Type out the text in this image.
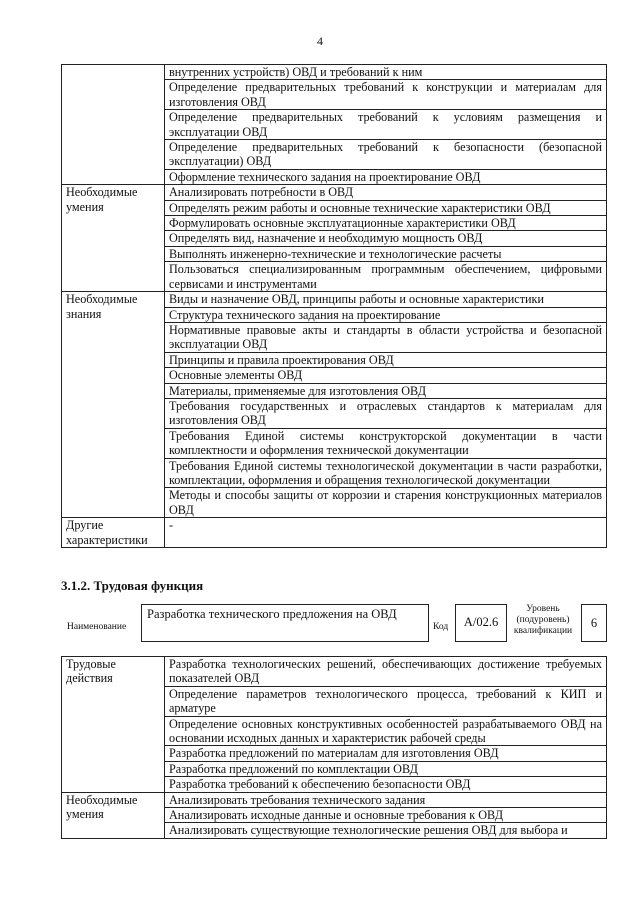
4
	внутренних устройств) ОВД и требований к ним
	Определение предварительных требований к конструкции и материалам для изготовления ОВД
	Определение предварительных требований к условиям размещения и эксплуатации ОВД
	Определение предварительных требований к безопасности (безопасной эксплуатации) ОВД
	Оформление технического задания на проектирование ОВД
Необходимые умения	Анализировать потребности в ОВД
	Определять режим работы и основные технические характеристики ОВД
	Формулировать основные эксплуатационные характеристики ОВД
	Определять вид, назначение и необходимую мощность ОВД
	Выполнять инженерно-технические и технологические расчеты
	Пользоваться специализированным программным обеспечением, цифровыми сервисами и инструментами
Необходимые знания	Виды и назначение ОВД, принципы работы и основные характеристики
	Структура технического задания на проектирование
	Нормативные правовые акты и стандарты в области устройства и безопасной эксплуатации ОВД
	Принципы и правила проектирования ОВД
	Основные элементы ОВД
	Материалы, применяемые для изготовления ОВД
	Требования государственных и отраслевых стандартов к материалам для изготовления ОВД
	Требования Единой системы конструкторской документации в части комплектности и оформления технической документации
	Требования Единой системы технологической документации в части разработки, комплектации, оформления и обращения технологической документации
	Методы и способы защиты от коррозии и старения конструкционных материалов ОВД
Другие характеристики	-
3.1.2. Трудовая функция
Наименование
Разработка технического предложения на ОВД
Код	A/02.6
Уровень (подуровень) квалификации
6
Трудовые действия	Разработка технологических решений, обеспечивающих достижение требуемых показателей ОВД
	Определение параметров технологического процесса, требований к КИП и арматуре
	Определение основных конструктивных особенностей разрабатываемого ОВД на основании исходных данных и характеристик рабочей среды
	Разработка предложений по материалам для изготовления ОВД
	Разработка предложений по комплектации ОВД
	Разработка требований к обеспечению безопасности ОВД
Необходимые умения	Анализировать требования технического задания
	Анализировать исходные данные и основные требования к ОВД
	Анализировать существующие технологические решения ОВД для выбора и
